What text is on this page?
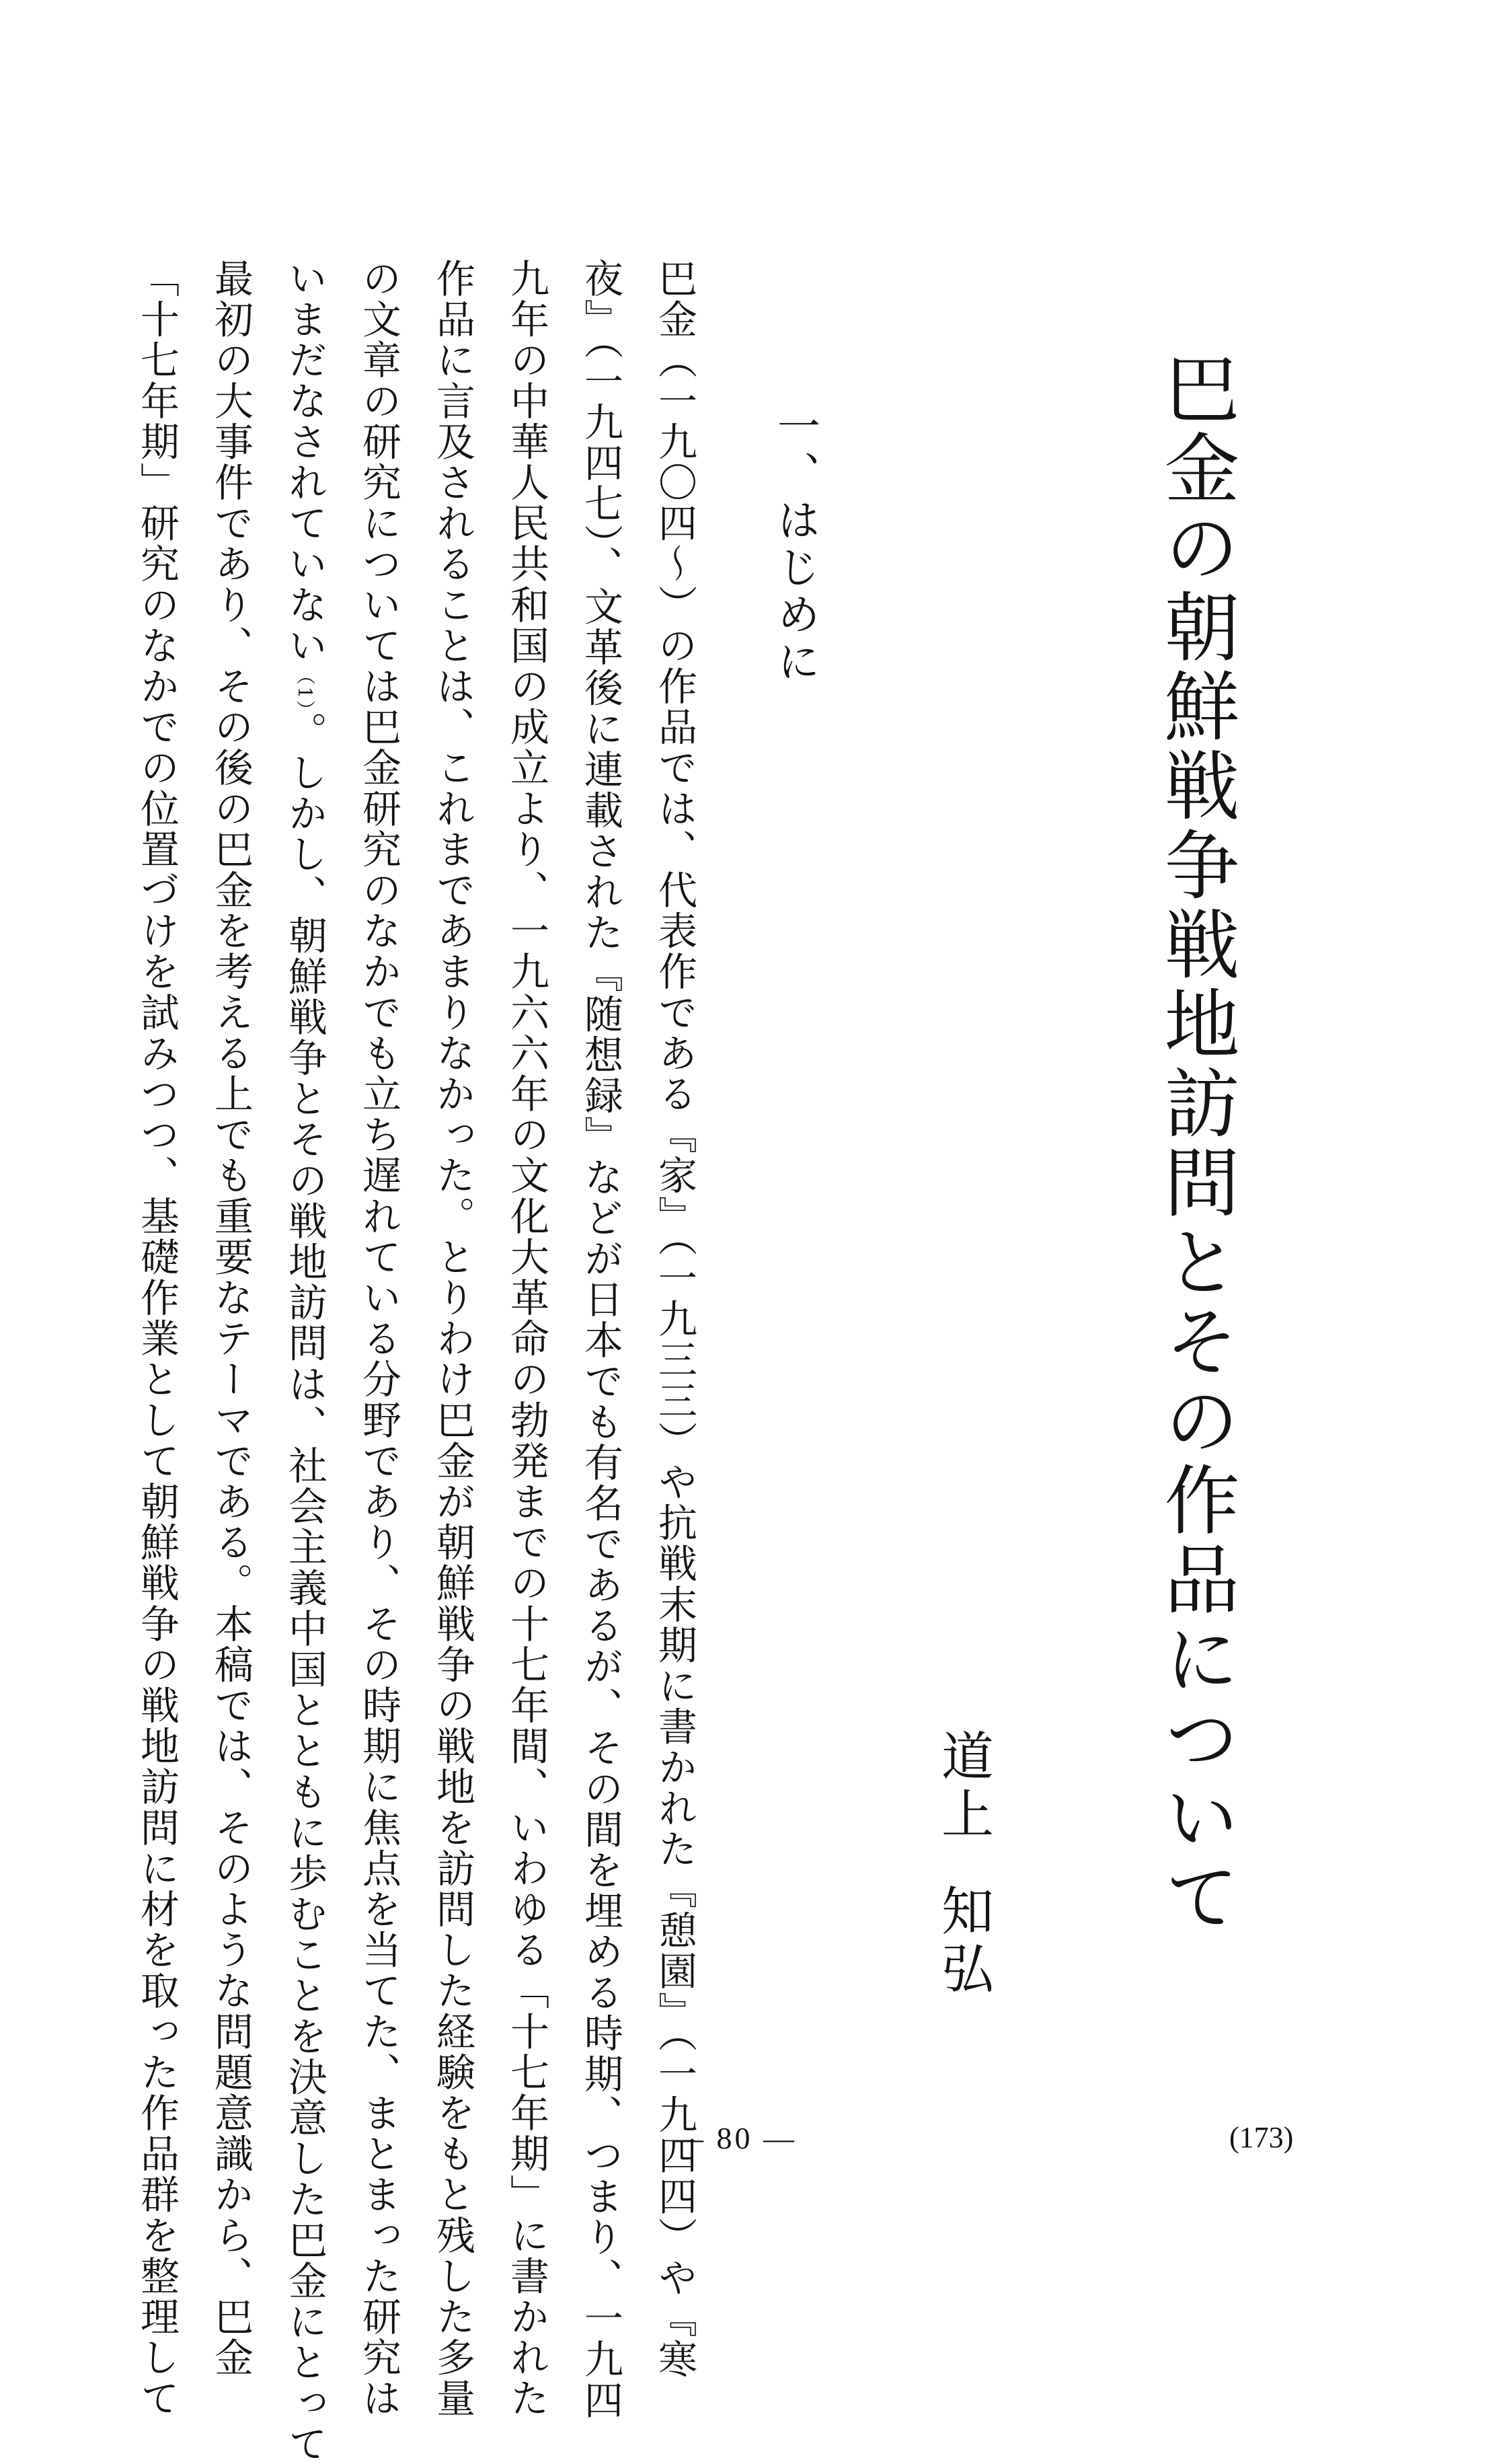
巴金の朝鮮戦争戦地訪問とその作品について
道上
知弘
一、はじめに
巴金（一九〇四〜）の作品では、代表作である『家』（一九三三）や抗戦末期に書かれた『憩園』（一九四四）や『寒
夜』（一九四七）、文革後に連載された『随想録』などが日本でも有名であるが、その間を埋める時期、つまり、一九四
九年の中華人民共和国の成立より、一九六六年の文化大革命の勃発までの十七年間、いわゆる「十七年期」に書かれた
作品に言及されることは、これまであまりなかった。とりわけ巴金が朝鮮戦争の戦地を訪問した経験をもと残した多量
の文章の研究については巴金研究のなかでも立ち遅れている分野であり、その時期に焦点を当てた、まとまった研究は
いまだなされていない（1）。しかし、朝鮮戦争とその戦地訪問は、社会主義中国とともに歩むことを決意した巴金にとって
最初の大事件であり、その後の巴金を考える上でも重要なテーマである。本稿では、そのような問題意識から、巴金
「十七年期」研究のなかでの位置づけを試みつつ、基礎作業として朝鮮戦争の戦地訪問に材を取った作品群を整理して	— 80 —	(173)
